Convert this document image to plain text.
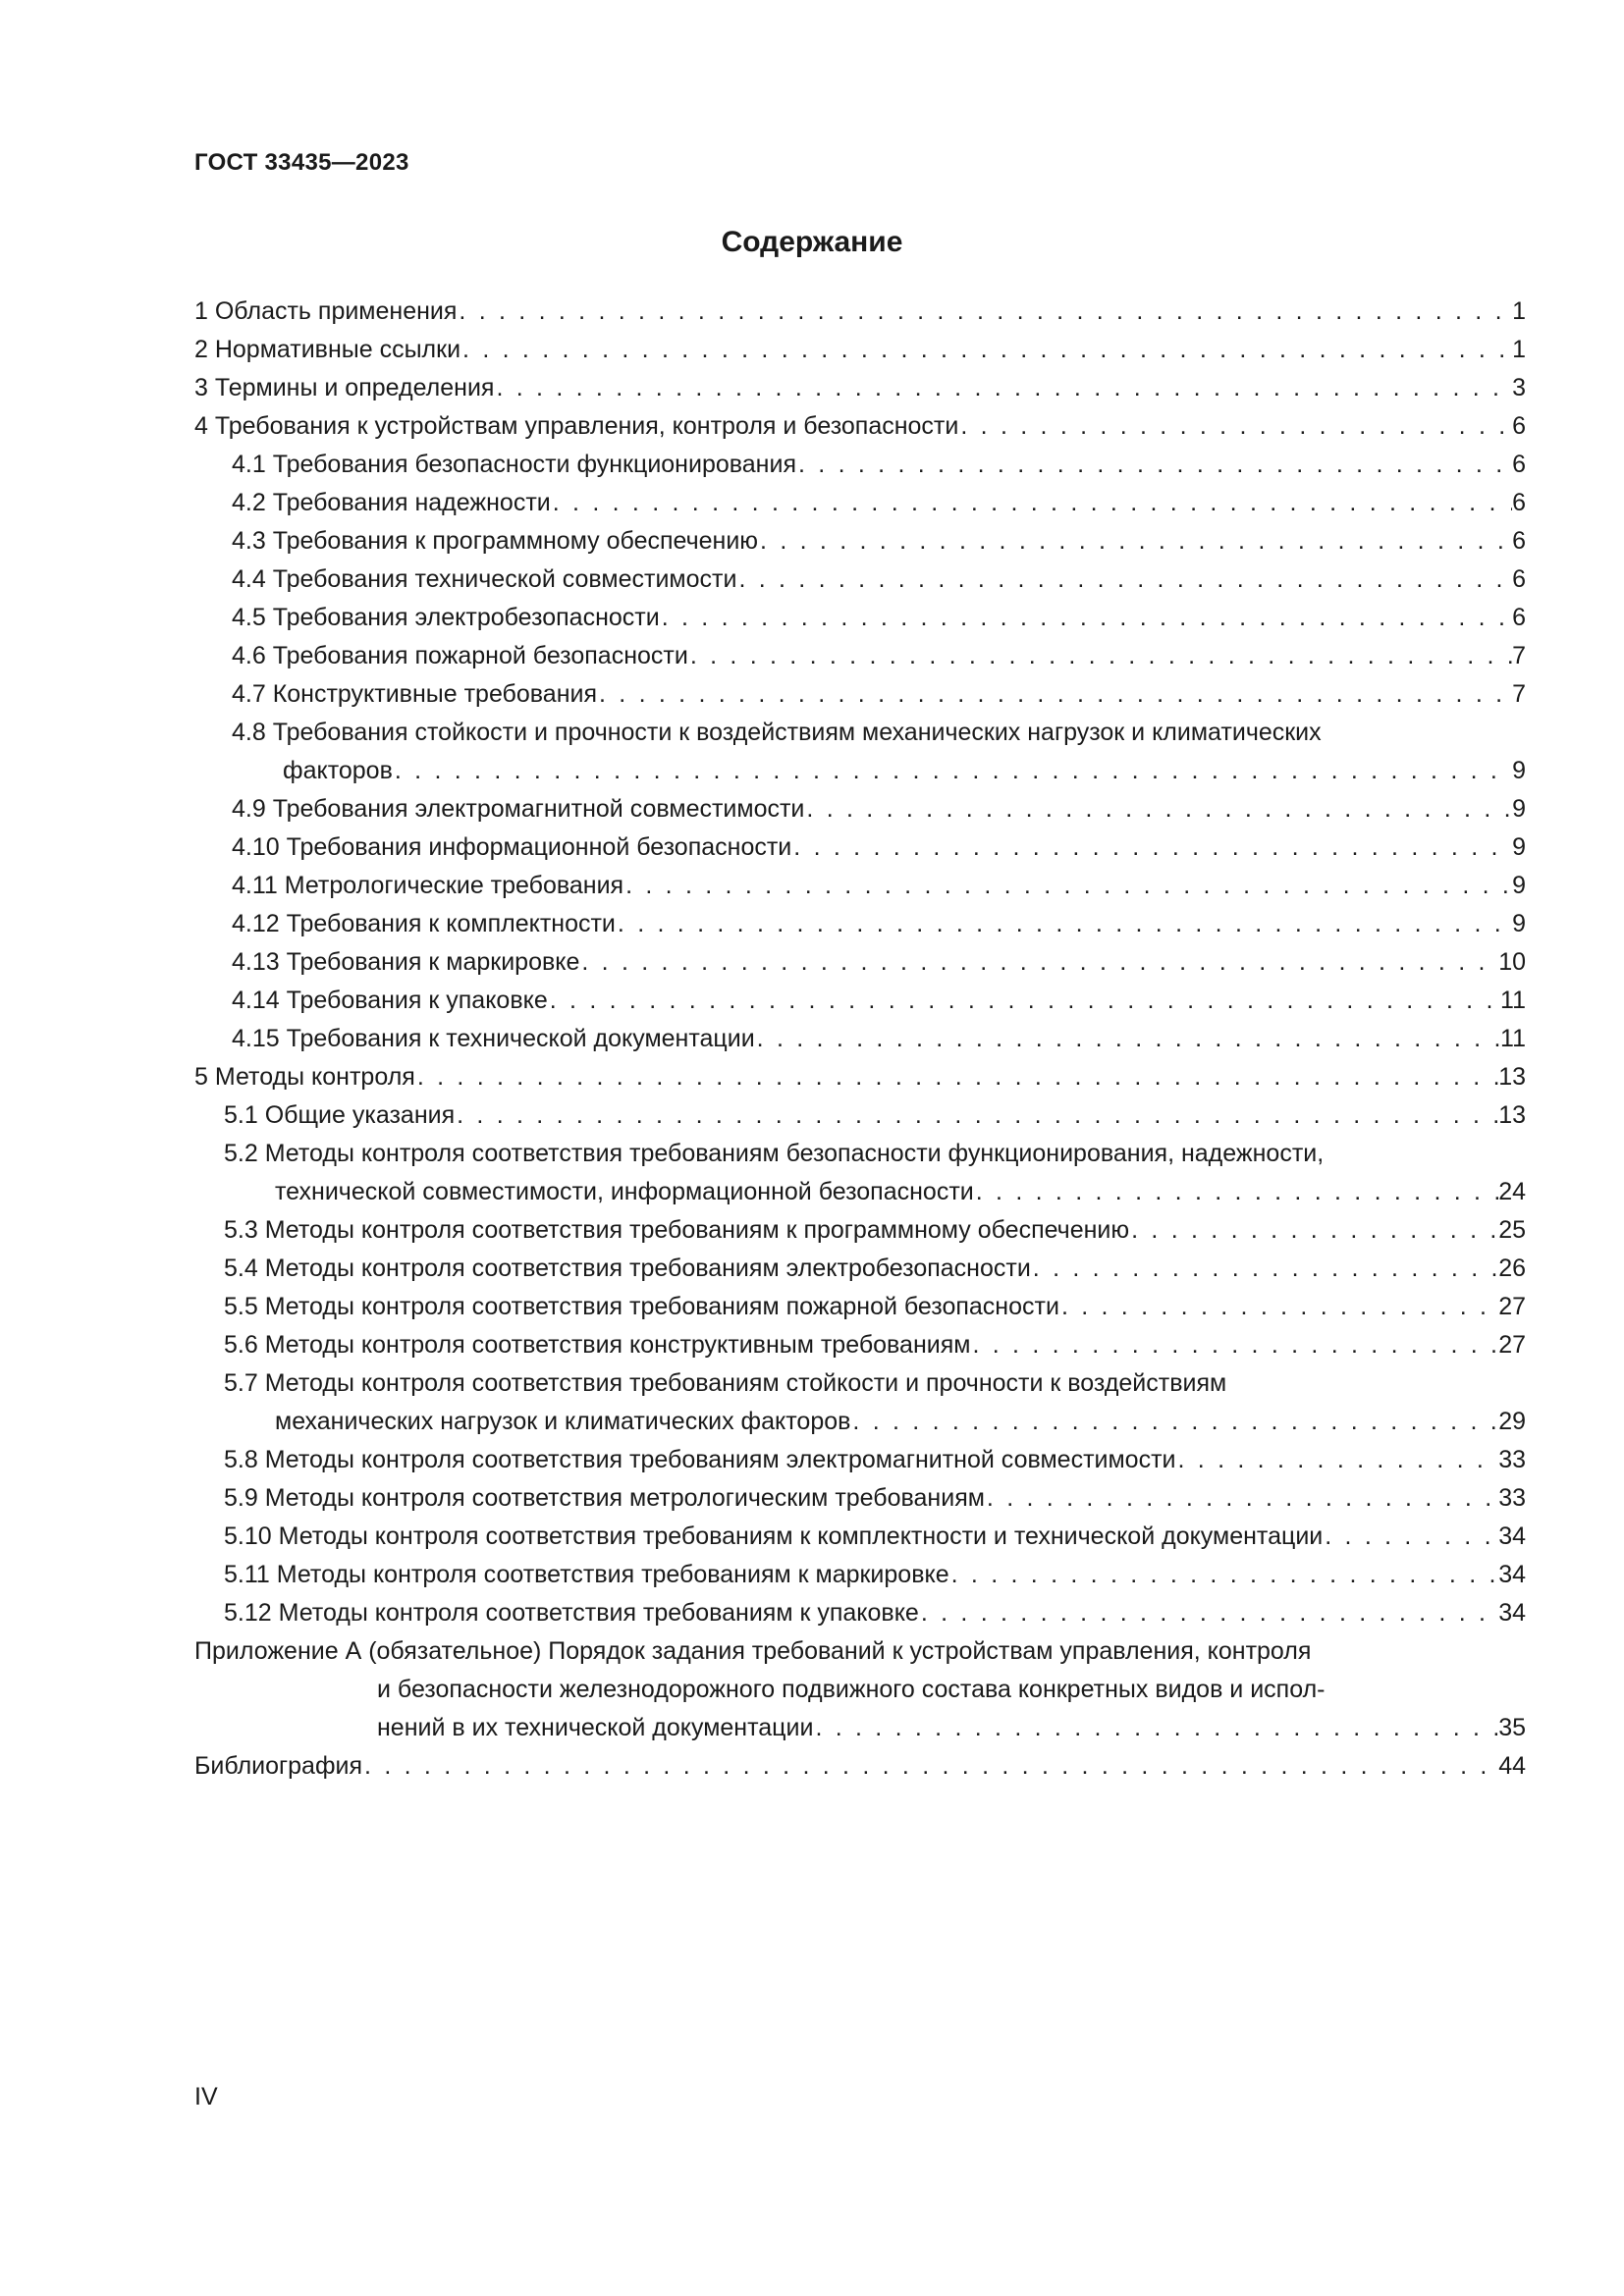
ГОСТ 33435—2023
Содержание
1 Область применения . . .	1
2 Нормативные ссылки . . .	1
3 Термины и определения . . .	3
4 Требования к устройствам управления, контроля и безопасности . . .	6
4.1 Требования безопасности функционирования . . .	6
4.2 Требования надежности . . .	6
4.3 Требования к программному обеспечению . . .	6
4.4 Требования технической совместимости . . .	6
4.5 Требования электробезопасности . . .	6
4.6 Требования пожарной безопасности . . .	7
4.7 Конструктивные требования . . .	7
4.8 Требования стойкости и прочности к воздействиям механических нагрузок и климатических
факторов . . .	9
4.9 Требования электромагнитной совместимости . . .	9
4.10 Требования информационной безопасности . . .	9
4.11 Метрологические требования . . .	9
4.12 Требования к комплектности . . .	9
4.13 Требования к маркировке . . .	10
4.14 Требования к упаковке . . .	11
4.15 Требования к технической документации . . .	11
5 Методы контроля . . .	13
5.1 Общие указания . . .	13
5.2 Методы контроля соответствия требованиям безопасности функционирования, надежности,
технической совместимости, информационной безопасности . . .	24
5.3 Методы контроля соответствия требованиям к программному обеспечению . . .	25
5.4 Методы контроля соответствия требованиям электробезопасности . . .	26
5.5 Методы контроля соответствия требованиям пожарной безопасности . . .	27
5.6 Методы контроля соответствия конструктивным требованиям . . .	27
5.7 Методы контроля соответствия требованиям стойкости и прочности к воздействиям
механических нагрузок и климатических факторов . . .	29
5.8 Методы контроля соответствия требованиям электромагнитной совместимости . . .	33
5.9 Методы контроля соответствия метрологическим требованиям . . .	33
5.10 Методы контроля соответствия требованиям к комплектности и технической документации . . .	34
5.11 Методы контроля соответствия требованиям к маркировке . . .	34
5.12 Методы контроля соответствия требованиям к упаковке . . .	34
Приложение А (обязательное) Порядок задания требований к устройствам управления, контроля
и безопасности железнодорожного подвижного состава конкретных видов и испол-
нений в их технической документации . . .	35
Библиография . . .	44
IV
